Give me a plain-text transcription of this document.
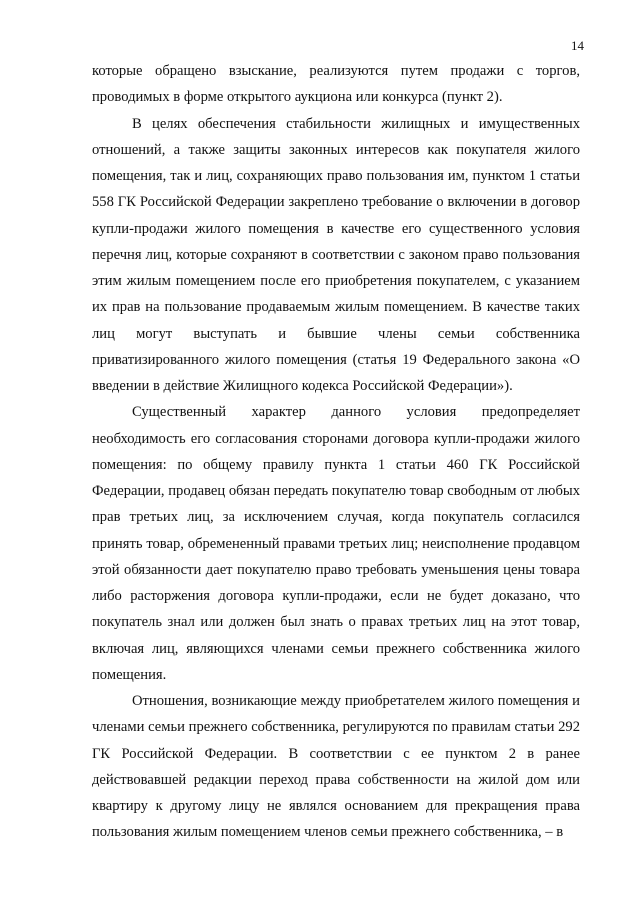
14

которые обращено взыскание, реализуются путем продажи с торгов, проводимых в форме открытого аукциона или конкурса (пункт 2).

В целях обеспечения стабильности жилищных и имущественных отношений, а также защиты законных интересов как покупателя жилого помещения, так и лиц, сохраняющих право пользования им, пунктом 1 статьи 558 ГК Российской Федерации закреплено требование о включении в договор купли-продажи жилого помещения в качестве его существенного условия перечня лиц, которые сохраняют в соответствии с законом право пользования этим жилым помещением после его приобретения покупателем, с указанием их прав на пользование продаваемым жилым помещением. В качестве таких лиц могут выступать и бывшие члены семьи собственника приватизированного жилого помещения (статья 19 Федерального закона «О введении в действие Жилищного кодекса Российской Федерации»).

Существенный характер данного условия предопределяет необходимость его согласования сторонами договора купли-продажи жилого помещения: по общему правилу пункта 1 статьи 460 ГК Российской Федерации, продавец обязан передать покупателю товар свободным от любых прав третьих лиц, за исключением случая, когда покупатель согласился принять товар, обремененный правами третьих лиц; неисполнение продавцом этой обязанности дает покупателю право требовать уменьшения цены товара либо расторжения договора купли-продажи, если не будет доказано, что покупатель знал или должен был знать о правах третьих лиц на этот товар, включая лиц, являющихся членами семьи прежнего собственника жилого помещения.

Отношения, возникающие между приобретателем жилого помещения и членами семьи прежнего собственника, регулируются по правилам статьи 292 ГК Российской Федерации. В соответствии с ее пунктом 2 в ранее действовавшей редакции переход права собственности на жилой дом или квартиру к другому лицу не являлся основанием для прекращения права пользования жилым помещением членов семьи прежнего собственника, – в
